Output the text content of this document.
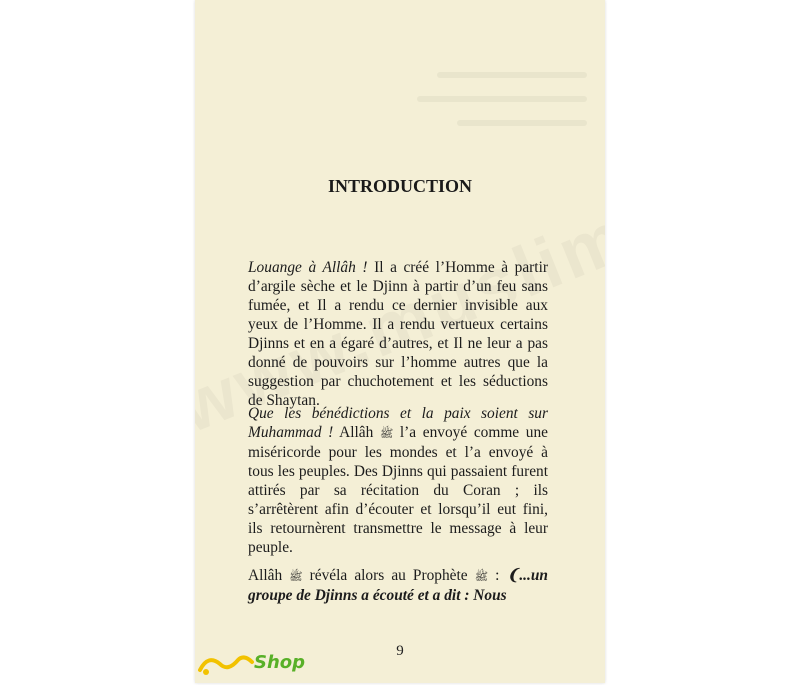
INTRODUCTION

Louange à Allâh ! Il a créé l’Homme à partir d’argile sèche et le Djinn à partir d’un feu sans fumée, et Il a rendu ce dernier invisible aux yeux de l’Homme. Il a rendu vertueux certains Djinns et en a égaré d’autres, et Il ne leur a pas donné de pouvoirs sur l’homme autres que la suggestion par chuchotement et les séductions de Shaytan.

Que les bénédictions et la paix soient sur Muhammad ! Allâh ﷺ l’a envoyé comme une miséricorde pour les mondes et l’a envoyé à tous les peuples. Des Djinns qui passaient furent attirés par sa récitation du Coran ; ils s’arrêtèrent afin d’écouter et lorsqu’il eut fini, ils retournèrent transmettre le message à leur peuple.

Allâh ﷺ révéla alors au Prophète ﷺ : ❨...un groupe de Djinns a écouté et a dit : Nous

9
Shop
